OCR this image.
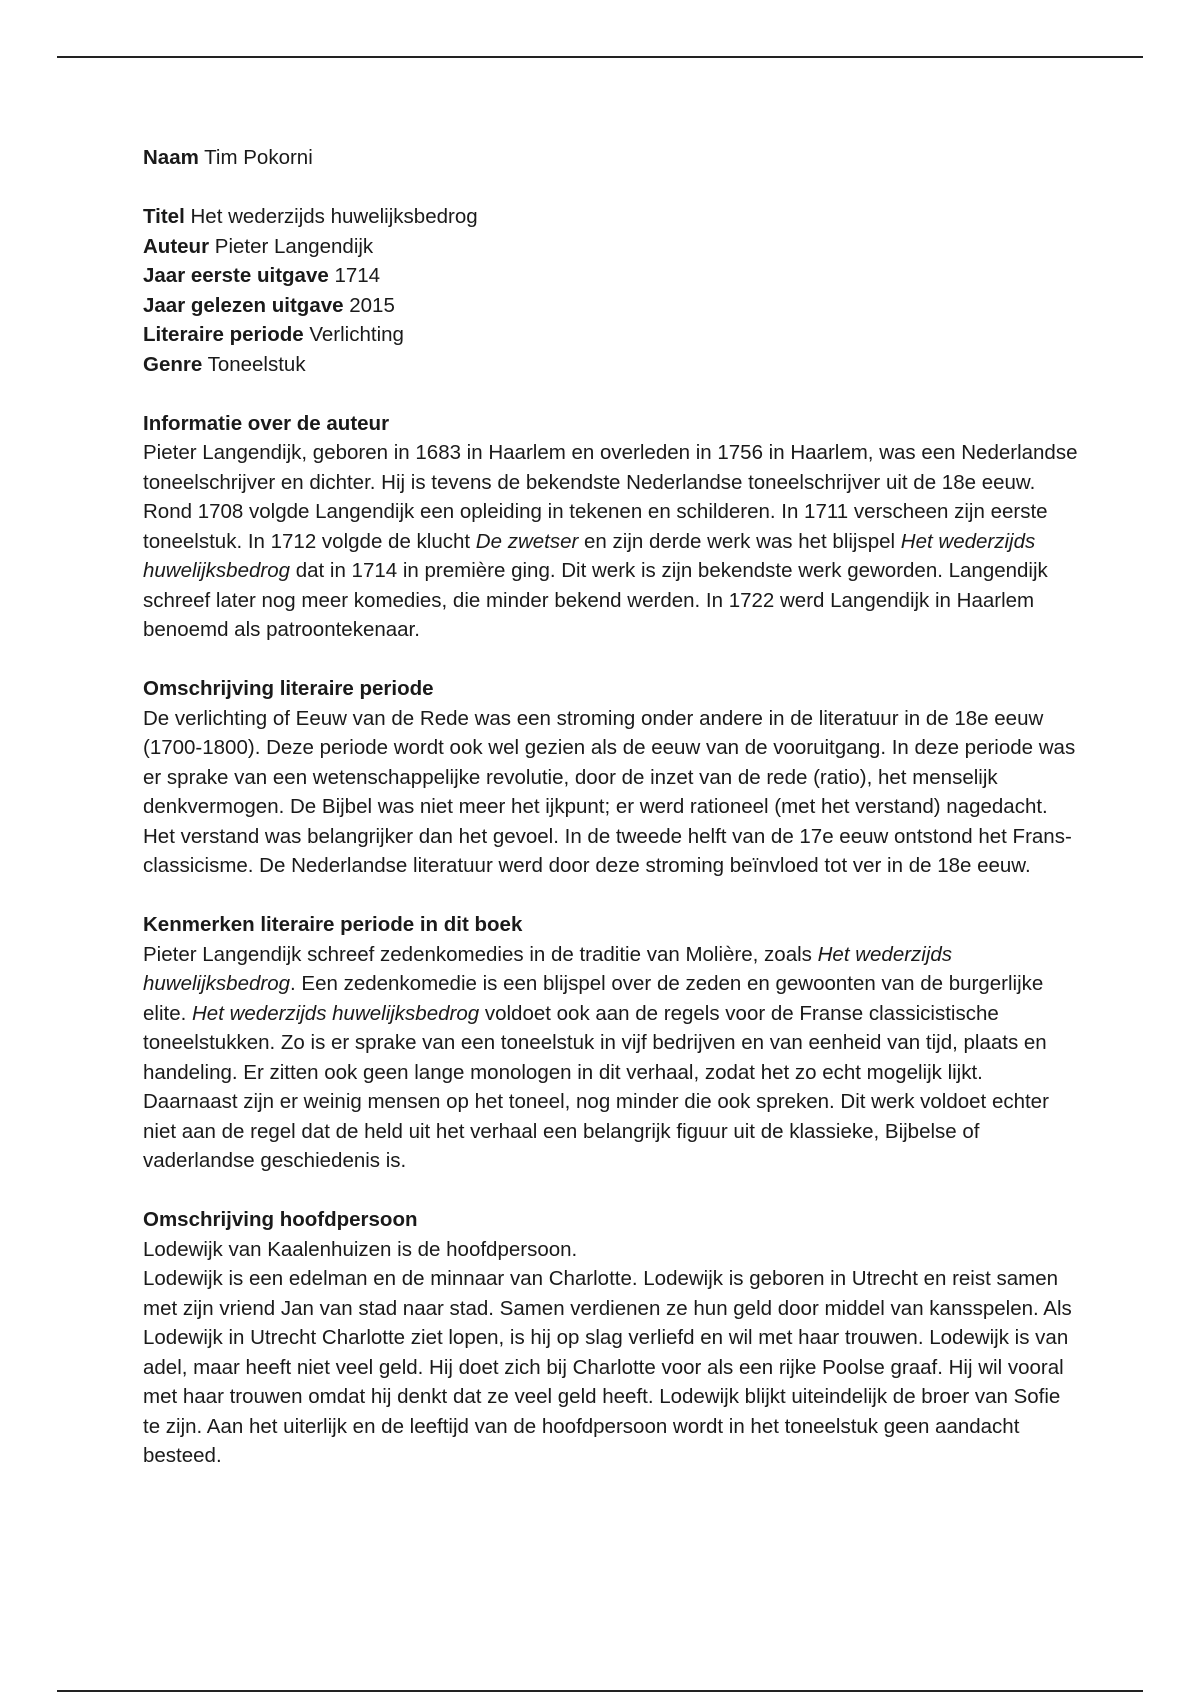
Naam Tim Pokorni

Titel Het wederzijds huwelijksbedrog

Auteur Pieter Langendijk

Jaar eerste uitgave 1714

Jaar gelezen uitgave 2015

Literaire periode Verlichting

Genre Toneelstuk

Informatie over de auteur

Pieter Langendijk, geboren in 1683 in Haarlem en overleden in 1756 in Haarlem, was een Nederlandse toneelschrijver en dichter. Hij is tevens de bekendste Nederlandse toneelschrijver uit de 18e eeuw. Rond 1708 volgde Langendijk een opleiding in tekenen en schilderen. In 1711 verscheen zijn eerste toneelstuk. In 1712 volgde de klucht De zwetser en zijn derde werk was het blijspel Het wederzijds huwelijksbedrog dat in 1714 in première ging. Dit werk is zijn bekendste werk geworden. Langendijk schreef later nog meer komedies, die minder bekend werden. In 1722 werd Langendijk in Haarlem benoemd als patroontekenaar.

Omschrijving literaire periode

De verlichting of Eeuw van de Rede was een stroming onder andere in de literatuur in de 18e eeuw (1700-1800). Deze periode wordt ook wel gezien als de eeuw van de vooruitgang. In deze periode was er sprake van een wetenschappelijke revolutie, door de inzet van de rede (ratio), het menselijk denkvermogen. De Bijbel was niet meer het ijkpunt; er werd rationeel (met het verstand) nagedacht. Het verstand was belangrijker dan het gevoel. In de tweede helft van de 17e eeuw ontstond het Frans-classicisme. De Nederlandse literatuur werd door deze stroming beïnvloed tot ver in de 18e eeuw.

Kenmerken literaire periode in dit boek

Pieter Langendijk schreef zedenkomedies in de traditie van Molière, zoals Het wederzijds huwelijksbedrog. Een zedenkomedie is een blijspel over de zeden en gewoonten van de burgerlijke elite. Het wederzijds huwelijksbedrog voldoet ook aan de regels voor de Franse classicistische toneelstukken. Zo is er sprake van een toneelstuk in vijf bedrijven en van eenheid van tijd, plaats en handeling. Er zitten ook geen lange monologen in dit verhaal, zodat het zo echt mogelijk lijkt. Daarnaast zijn er weinig mensen op het toneel, nog minder die ook spreken. Dit werk voldoet echter niet aan de regel dat de held uit het verhaal een belangrijk figuur uit de klassieke, Bijbelse of vaderlandse geschiedenis is.

Omschrijving hoofdpersoon

Lodewijk van Kaalenhuizen is de hoofdpersoon.

Lodewijk is een edelman en de minnaar van Charlotte. Lodewijk is geboren in Utrecht en reist samen met zijn vriend Jan van stad naar stad. Samen verdienen ze hun geld door middel van kansspelen. Als Lodewijk in Utrecht Charlotte ziet lopen, is hij op slag verliefd en wil met haar trouwen. Lodewijk is van adel, maar heeft niet veel geld. Hij doet zich bij Charlotte voor als een rijke Poolse graaf. Hij wil vooral met haar trouwen omdat hij denkt dat ze veel geld heeft. Lodewijk blijkt uiteindelijk de broer van Sofie te zijn. Aan het uiterlijk en de leeftijd van de hoofdpersoon wordt in het toneelstuk geen aandacht besteed.
